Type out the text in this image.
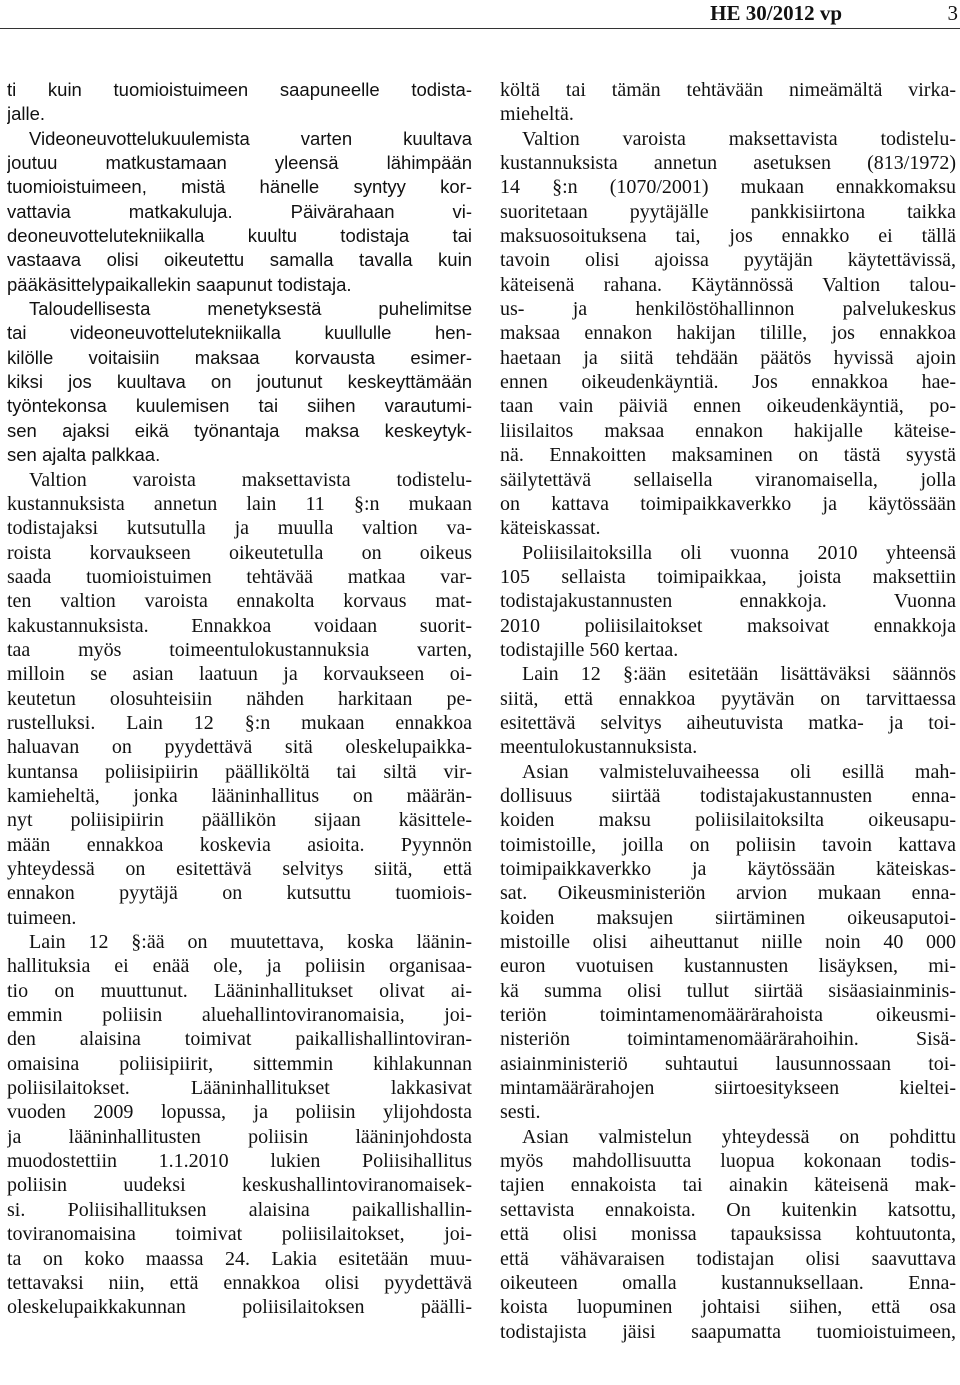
HE 30/2012 vp	3
ti kuin tuomioistuimeen saapuneelle todista-
jalle.
Videoneuvottelukuulemista varten kuultava
joutuu matkustamaan yleensä lähimpään
tuomioistuimeen, mistä hänelle syntyy kor-
vattavia matkakuluja. Päivärahaan vi-
deoneuvottelutekniikalla kuultu todistaja tai
vastaava olisi oikeutettu samalla tavalla kuin
pääkäsittelypaikallekin saapunut todistaja.
Taloudellisesta menetyksestä puhelimitse
tai videoneuvottelutekniikalla kuullulle hen-
kilölle voitaisiin maksaa korvausta esimer-
kiksi jos kuultava on joutunut keskeyttämään
työntekonsa kuulemisen tai siihen varautumi-
sen ajaksi eikä työnantaja maksa keskeytyk-
sen ajalta palkkaa.
Valtion varoista maksettavista todistelu-
kustannuksista annetun lain 11 §:n mukaan
todistajaksi kutsutulla ja muulla valtion va-
roista korvaukseen oikeutetulla on oikeus
saada tuomioistuimen tehtävää matkaa var-
ten valtion varoista ennakolta korvaus mat-
kakustannuksista. Ennakkoa voidaan suorit-
taa myös toimeentulokustannuksia varten,
milloin se asian laatuun ja korvaukseen oi-
keutetun olosuhteisiin nähden harkitaan pe-
rustelluksi. Lain 12 §:n mukaan ennakkoa
haluavan on pyydettävä sitä oleskelupaikka-
kuntansa poliisipiirin päälliköltä tai siltä vir-
kamieheltä, jonka lääninhallitus on määrän-
nyt poliisipiirin päällikön sijaan käsittele-
mään ennakkoa koskevia asioita. Pyynnön
yhteydessä on esitettävä selvitys siitä, että
ennakon pyytäjä on kutsuttu tuomiois-
tuimeen.
Lain 12 §:ää on muutettava, koska läänin-
hallituksia ei enää ole, ja poliisin organisaa-
tio on muuttunut. Lääninhallitukset olivat ai-
emmin poliisin aluehallintoviranomaisia, joi-
den alaisina toimivat paikallishallintoviran-
omaisina poliisipiirit, sittemmin kihlakunnan
poliisilaitokset. Lääninhallitukset lakkasivat
vuoden 2009 lopussa, ja poliisin ylijohdosta
ja lääninhallitusten poliisin lääninjohdosta
muodostettiin 1.1.2010 lukien Poliisihallitus
poliisin uudeksi keskushallintoviranomaisek-
si. Poliisihallituksen alaisina paikallishallin-
toviranomaisina toimivat poliisilaitokset, joi-
ta on koko maassa 24. Lakia esitetään muu-
tettavaksi niin, että ennakkoa olisi pyydettävä
oleskelupaikkakunnan poliisilaitoksen päälli-
költä tai tämän tehtävään nimeämältä virka-
mieheltä.
Valtion varoista maksettavista todistelu-
kustannuksista annetun asetuksen (813/1972)
14 §:n (1070/2001) mukaan ennakkomaksu
suoritetaan pyytäjälle pankkisiirtona taikka
maksuosoituksena tai, jos ennakko ei tällä
tavoin olisi ajoissa pyytäjän käytettävissä,
käteisenä rahana. Käytännössä Valtion talou-
us- ja henkilöstöhallinnon palvelukeskus
maksaa ennakon hakijan tilille, jos ennakkoa
haetaan ja siitä tehdään päätös hyvissä ajoin
ennen oikeudenkäyntiä. Jos ennakkoa hae-
taan vain päiviä ennen oikeudenkäyntiä, po-
liisilaitos maksaa ennakon hakijalle käteise-
nä. Ennakoitten maksaminen on tästä syystä
säilytettävä sellaisella viranomaisella, jolla
on kattava toimipaikkaverkko ja käytössään
käteiskassat.
Poliisilaitoksilla oli vuonna 2010 yhteensä
105 sellaista toimipaikkaa, joista maksettiin
todistajakustannusten ennakkoja. Vuonna
2010 poliisilaitokset maksoivat ennakkoja
todistajille 560 kertaa.
Lain 12 §:ään esitetään lisättäväksi säännös
siitä, että ennakkoa pyytävän on tarvittaessa
esitettävä selvitys aiheutuvista matka- ja toi-
meentulokustannuksista.
Asian valmisteluvaiheessa oli esillä mah-
dollisuus siirtää todistajakustannusten enna-
koiden maksu poliisilaitoksilta oikeusapu-
toimistoille, joilla on poliisin tavoin kattava
toimipaikkaverkko ja käytössään käteiskas-
sat. Oikeusministeriön arvion mukaan enna-
koiden maksujen siirtäminen oikeusaputoi-
mistoille olisi aiheuttanut niille noin 40 000
euron vuotuisen kustannusten lisäyksen, mi-
kä summa olisi tullut siirtää sisäasiainminis-
teriön toimintamenomäärärahoista oikeusmi-
nisteriön toimintamenomäärärahoihin. Sisä-
asiainministeriö suhtautui lausunnossaan toi-
mintamäärärahojen siirtoesitykseen kieltei-
sesti.
Asian valmistelun yhteydessä on pohdittu
myös mahdollisuutta luopua kokonaan todis-
tajien ennakoista tai ainakin käteisenä mak-
settavista ennakoista. On kuitenkin katsottu,
että olisi monissa tapauksissa kohtuutonta,
että vähävaraisen todistajan olisi saavuttava
oikeuteen omalla kustannuksellaan. Enna-
koista luopuminen johtaisi siihen, että osa
todistajista jäisi saapumatta tuomioistuimeen,
